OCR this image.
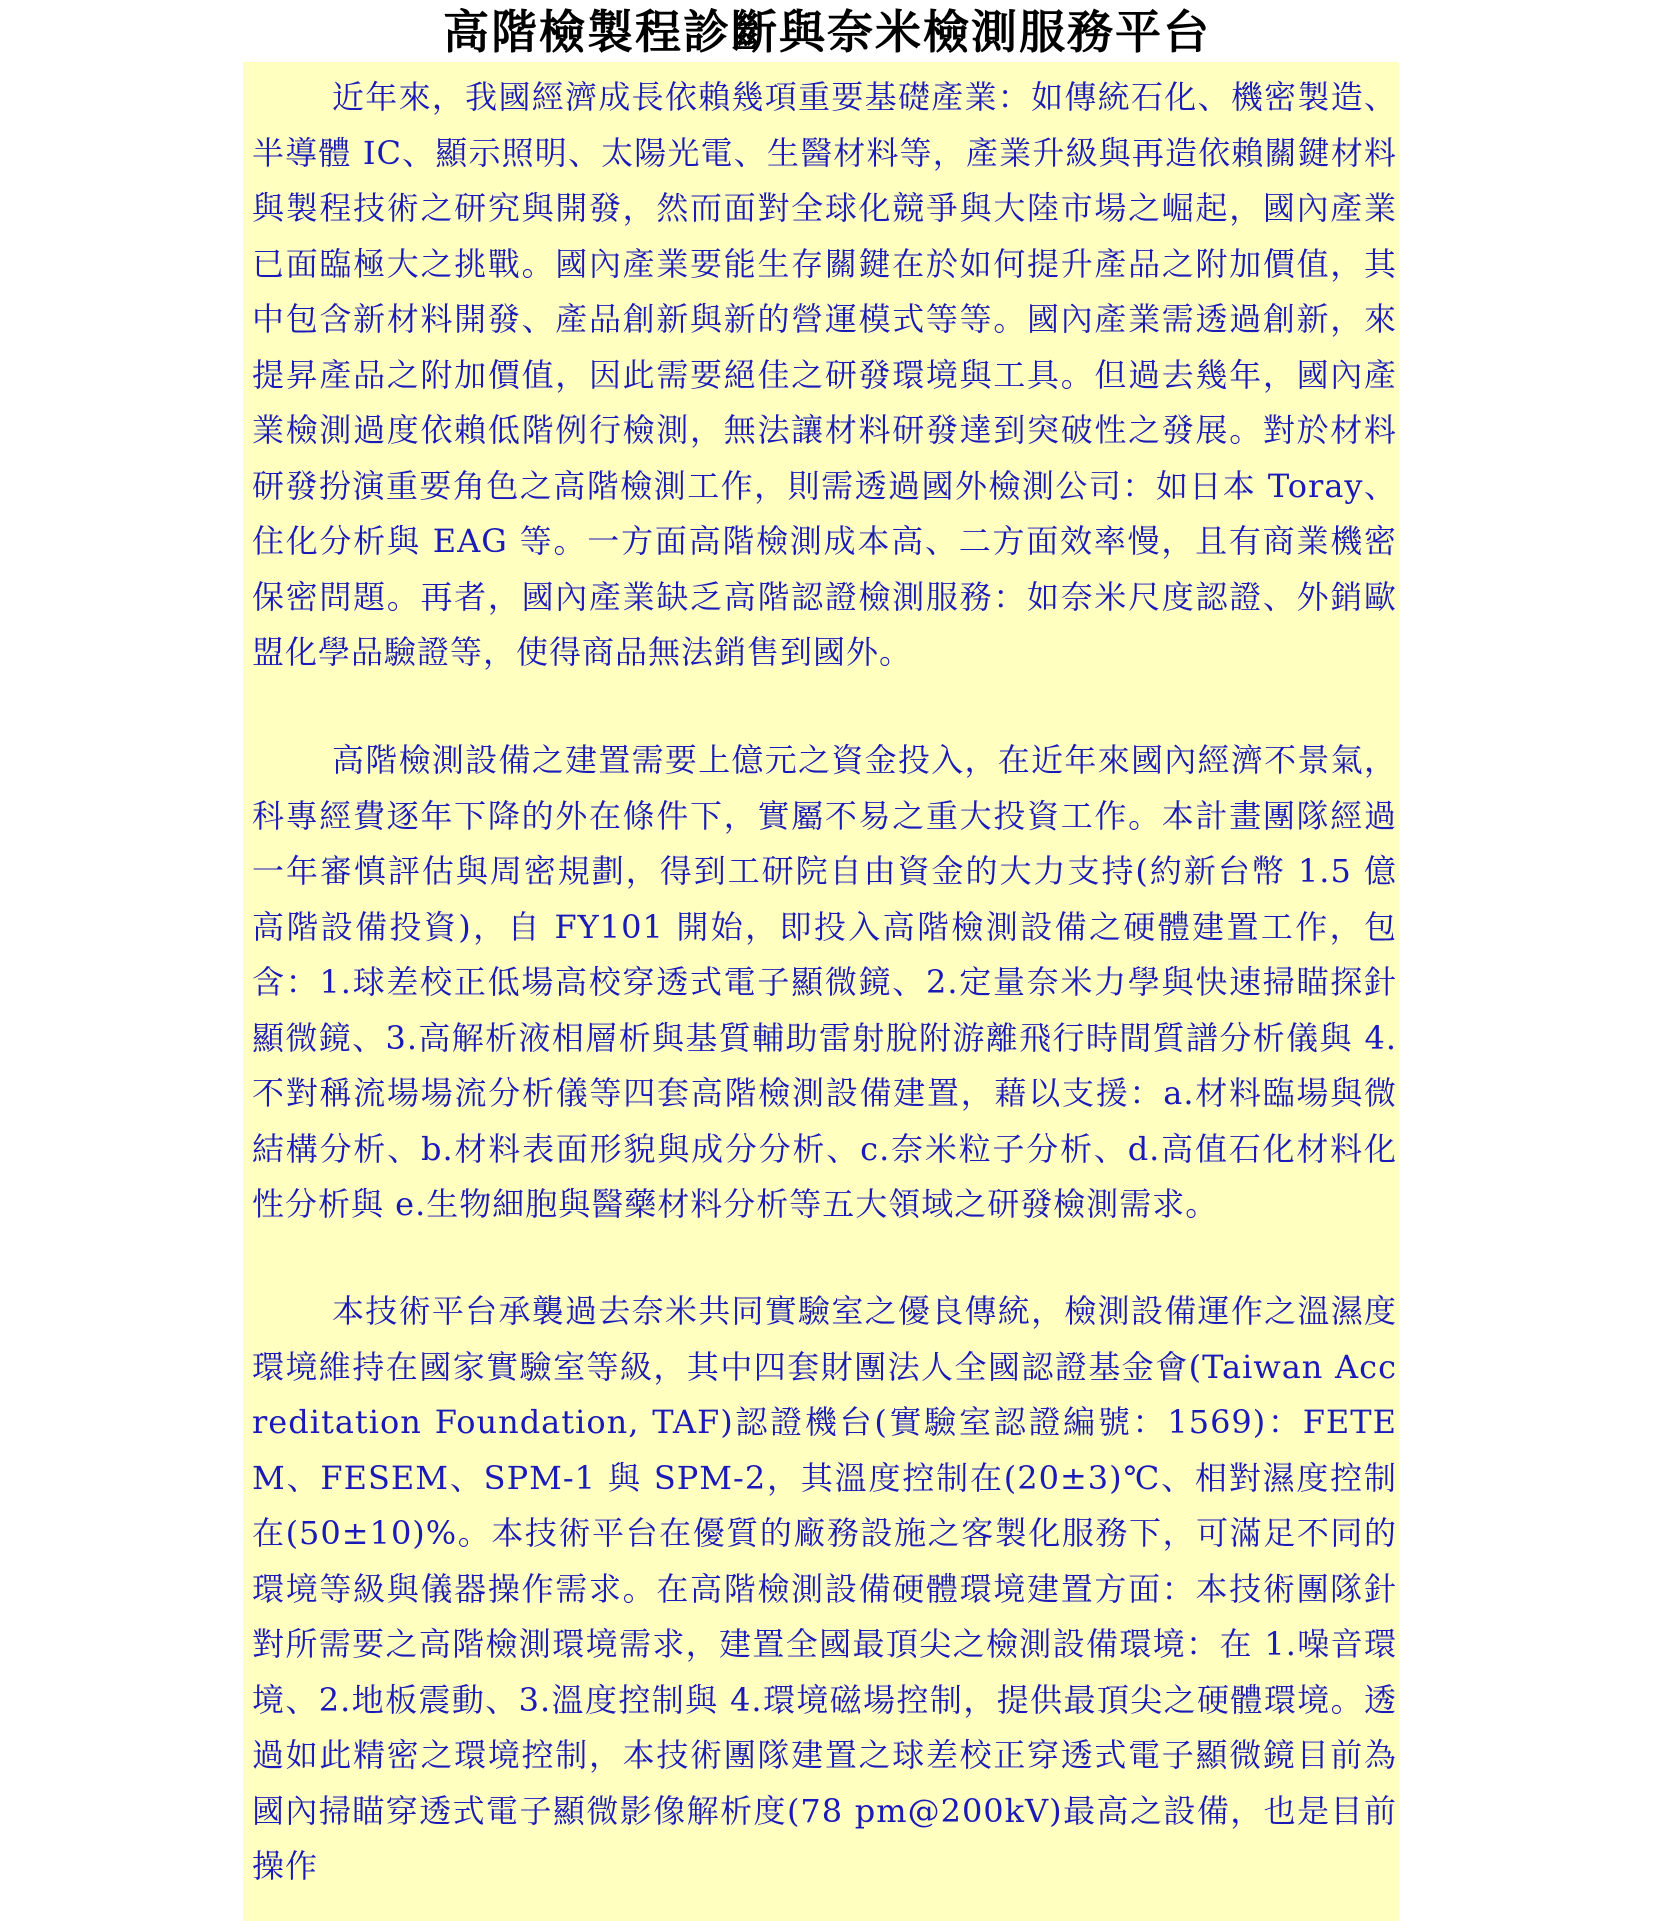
高階檢製程診斷與奈米檢測服務平台

近年來，我國經濟成長依賴幾項重要基礎產業：如傳統石化、機密製造、半導體 IC、顯示照明、太陽光電、生醫材料等，產業升級與再造依賴關鍵材料與製程技術之研究與開發，然而面對全球化競爭與大陸市場之崛起，國內產業已面臨極大之挑戰。國內產業要能生存關鍵在於如何提升產品之附加價值，其中包含新材料開發、產品創新與新的營運模式等等。國內產業需透過創新，來提昇產品之附加價值，因此需要絕佳之研發環境與工具。但過去幾年，國內產業檢測過度依賴低階例行檢測，無法讓材料研發達到突破性之發展。對於材料研發扮演重要角色之高階檢測工作，則需透過國外檢測公司：如日本 Toray、住化分析與 EAG 等。一方面高階檢測成本高、二方面效率慢，且有商業機密保密問題。再者，國內產業缺乏高階認證檢測服務：如奈米尺度認證、外銷歐盟化學品驗證等，使得商品無法銷售到國外。

高階檢測設備之建置需要上億元之資金投入，在近年來國內經濟不景氣，科專經費逐年下降的外在條件下，實屬不易之重大投資工作。本計畫團隊經過一年審慎評估與周密規劃，得到工研院自由資金的大力支持(約新台幣 1.5 億高階設備投資)，自 FY101 開始，即投入高階檢測設備之硬體建置工作，包含：1.球差校正低場高校穿透式電子顯微鏡、2.定量奈米力學與快速掃瞄探針顯微鏡、3.高解析液相層析與基質輔助雷射脫附游離飛行時間質譜分析儀與 4.不對稱流場場流分析儀等四套高階檢測設備建置，藉以支援：a.材料臨場與微結構分析、b.材料表面形貌與成分分析、c.奈米粒子分析、d.高值石化材料化性分析與 e.生物細胞與醫藥材料分析等五大領域之研發檢測需求。

本技術平台承襲過去奈米共同實驗室之優良傳統，檢測設備運作之溫濕度環境維持在國家實驗室等級，其中四套財團法人全國認證基金會(Taiwan Accreditation Foundation, TAF)認證機台(實驗室認證編號：1569)：FETEM、FESEM、SPM-1 與 SPM-2，其溫度控制在(20±3)℃、相對濕度控制在(50±10)%。本技術平台在優質的廠務設施之客製化服務下，可滿足不同的環境等級與儀器操作需求。在高階檢測設備硬體環境建置方面：本技術團隊針對所需要之高階檢測環境需求，建置全國最頂尖之檢測設備環境：在 1.噪音環境、2.地板震動、3.溫度控制與 4.環境磁場控制，提供最頂尖之硬體環境。透過如此精密之環境控制，本技術團隊建置之球差校正穿透式電子顯微鏡目前為國內掃瞄穿透式電子顯微影像解析度(78 pm@200kV)最高之設備，也是目前操作
